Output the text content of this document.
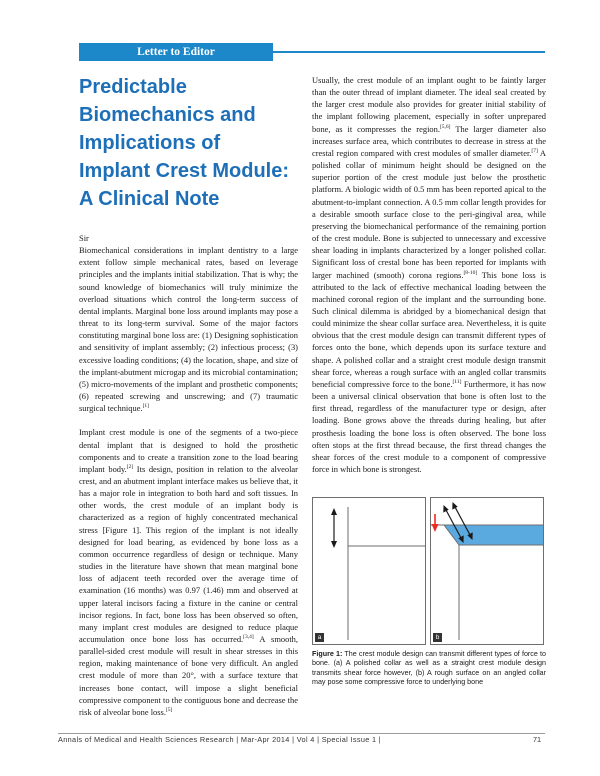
Letter to Editor
Predictable Biomechanics and Implications of Implant Crest Module: A Clinical Note

Sir

Biomechanical considerations in implant dentistry to a large extent follow simple mechanical rates, based on leverage principles and the implants initial stabilization. That is why; the sound knowledge of biomechanics will truly minimize the overload situations which control the long-term success of dental implants. Marginal bone loss around implants may pose a threat to its long-term survival. Some of the major factors constituting marginal bone loss are: (1) Designing sophistication and sensitivity of implant assembly; (2) infectious process; (3) excessive loading conditions; (4) the location, shape, and size of the implant-abutment microgap and its microbial contamination; (5) micro-movements of the implant and prosthetic components; (6) repeated screwing and unscrewing; and (7) traumatic surgical technique.[1]

Implant crest module is one of the segments of a two-piece dental implant that is designed to hold the prosthetic components and to create a transition zone to the load bearing implant body.[2] Its design, position in relation to the alveolar crest, and an abutment implant interface makes us believe that, it has a major role in integration to both hard and soft tissues. In other words, the crest module of an implant body is characterized as a region of highly concentrated mechanical stress [Figure 1]. This region of the implant is not ideally designed for load bearing, as evidenced by bone loss as a common occurrence regardless of design or technique. Many studies in the literature have shown that mean marginal bone loss of adjacent teeth recorded over the average time of examination (16 months) was 0.97 (1.46) mm and observed at upper lateral incisors facing a fixture in the canine or central incisor regions. In fact, bone loss has been observed so often, many implant crest modules are designed to reduce plaque accumulation once bone loss has occurred.[3,4] A smooth, parallel-sided crest module will result in shear stresses in this region, making maintenance of bone very difficult. An angled crest module of more than 20°, with a surface texture that increases bone contact, will impose a slight beneficial compressive component to the contiguous bone and decrease the risk of alveolar bone loss.[5]

Usually, the crest module of an implant ought to be faintly larger than the outer thread of implant diameter. The ideal seal created by the larger crest module also provides for greater initial stability of the implant following placement, especially in softer unprepared bone, as it compresses the region.[5,6] The larger diameter also increases surface area, which contributes to decrease in stress at the crestal region compared with crest modules of smaller diameter.[7] A polished collar of minimum height should be designed on the superior portion of the crest module just below the prosthetic platform. A biologic width of 0.5 mm has been reported apical to the abutment-to-implant connection. A 0.5 mm collar length provides for a desirable smooth surface close to the peri-gingival area, while preserving the biomechanical performance of the remaining portion of the crest module. Bone is subjected to unnecessary and excessive shear loading in implants characterized by a longer polished collar. Significant loss of crestal bone has been reported for implants with larger machined (smooth) corona regions.[8-10] This bone loss is attributed to the lack of effective mechanical loading between the machined coronal region of the implant and the surrounding bone. Such clinical dilemma is abridged by a biomechanical design that could minimize the shear collar surface area. Nevertheless, it is quite obvious that the crest module design can transmit different types of forces onto the bone, which depends upon its surface texture and shape. A polished collar and a straight crest module design transmit shear force, whereas a rough surface with an angled collar transmits beneficial compressive force to the bone.[11] Furthermore, it has now been a universal clinical observation that bone is often lost to the first thread, regardless of the manufacturer type or design, after loading. Bone grows above the threads during healing, but after prosthesis loading the bone loss is often observed. The bone loss often stops at the first thread because, the first thread changes the shear forces of the crest module to a component of compressive force in which bone is strongest.

a	b
Figure 1: The crest module design can transmit different types of force to bone. (a) A polished collar as well as a straight crest module design transmits shear force however, (b) A rough surface on an angled collar may pose some compressive force to underlying bone
Annals of Medical and Health Sciences Research | Mar-Apr 2014 | Vol 4 | Special Issue 1 |	71
